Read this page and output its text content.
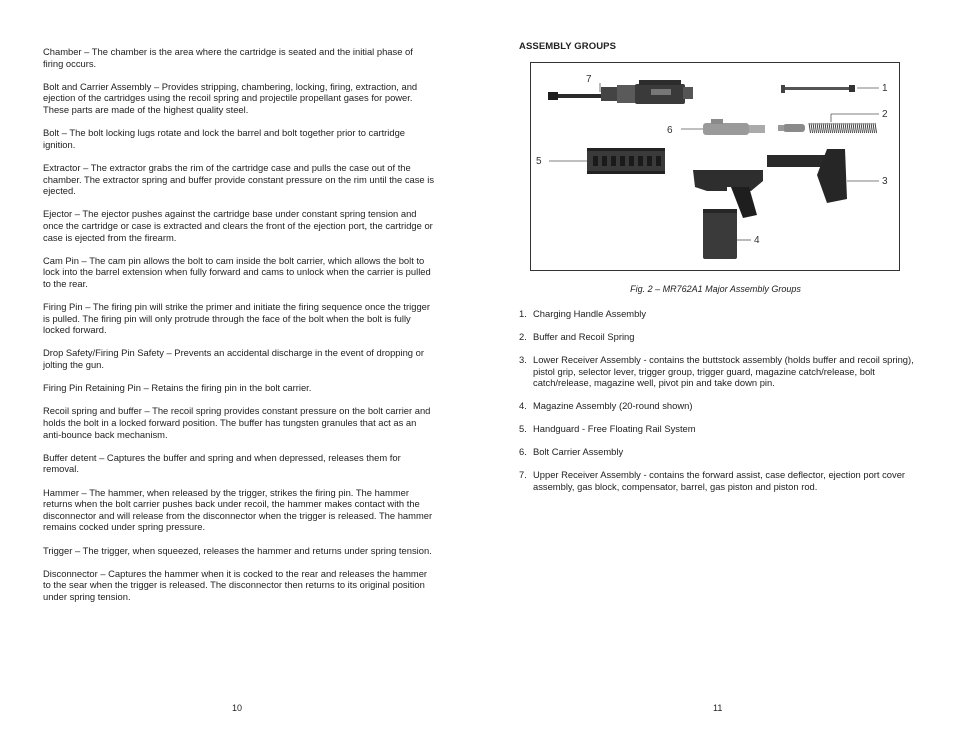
Chamber – The chamber is the area where the cartridge is seated and the initial phase of firing occurs.

Bolt and Carrier Assembly – Provides stripping, chambering, locking, firing, extraction, and ejection of the cartridges using the recoil spring and projectile propellant gases for power. These parts are made of the highest quality steel.

Bolt – The bolt locking lugs rotate and lock the barrel and bolt together prior to cartridge ignition.

Extractor – The extractor grabs the rim of the cartridge case and pulls the case out of the chamber. The extractor spring and buffer provide constant pressure on the rim until the case is ejected.

Ejector – The ejector pushes against the cartridge base under constant spring tension and once the cartridge or case is extracted and clears the front of the ejection port, the cartridge or case is ejected from the firearm.

Cam Pin – The cam pin allows the bolt to cam inside the bolt carrier, which allows the bolt to lock into the barrel extension when fully forward and cams to unlock when the carrier is pulled to the rear.

Firing Pin – The firing pin will strike the primer and initiate the firing sequence once the trigger is pulled. The firing pin will only protrude through the face of the bolt when the bolt is fully locked forward.

Drop Safety/Firing Pin Safety – Prevents an accidental discharge in the event of dropping or jolting the gun.

Firing Pin Retaining Pin – Retains the firing pin in the bolt carrier.

Recoil spring and buffer – The recoil spring provides constant pressure on the bolt carrier and holds the bolt in a locked forward position. The buffer has tungsten granules that act as an anti-bounce back mechanism.

Buffer detent – Captures the buffer and spring and when depressed, releases them for removal.

Hammer – The hammer, when released by the trigger, strikes the firing pin. The hammer returns when the bolt carrier pushes back under recoil, the hammer makes contact with the disconnector and will release from the disconnector when the trigger is released. The hammer remains cocked under spring pressure.

Trigger – The trigger, when squeezed, releases the hammer and returns under spring tension.

Disconnector – Captures the hammer when it is cocked to the rear and releases the hammer to the sear when the trigger is released. The disconnector then returns to its original position under spring tension.

10
ASSEMBLY GROUPS
7
1
2
6
5
3
4
Fig. 2 – MR762A1 Major Assembly Groups
1. Charging Handle Assembly
2. Buffer and Recoil Spring
3. Lower Receiver Assembly - contains the buttstock assembly (holds buffer and recoil spring), pistol grip, selector lever, trigger group, trigger guard, magazine catch/release, bolt catch/release, magazine well, pivot pin and take down pin.
4. Magazine Assembly (20-round shown)
5. Handguard - Free Floating Rail System
6. Bolt Carrier Assembly
7. Upper Receiver Assembly - contains the forward assist, case deflector, ejection port cover assembly, gas block, compensator, barrel, gas piston and piston rod.
11
